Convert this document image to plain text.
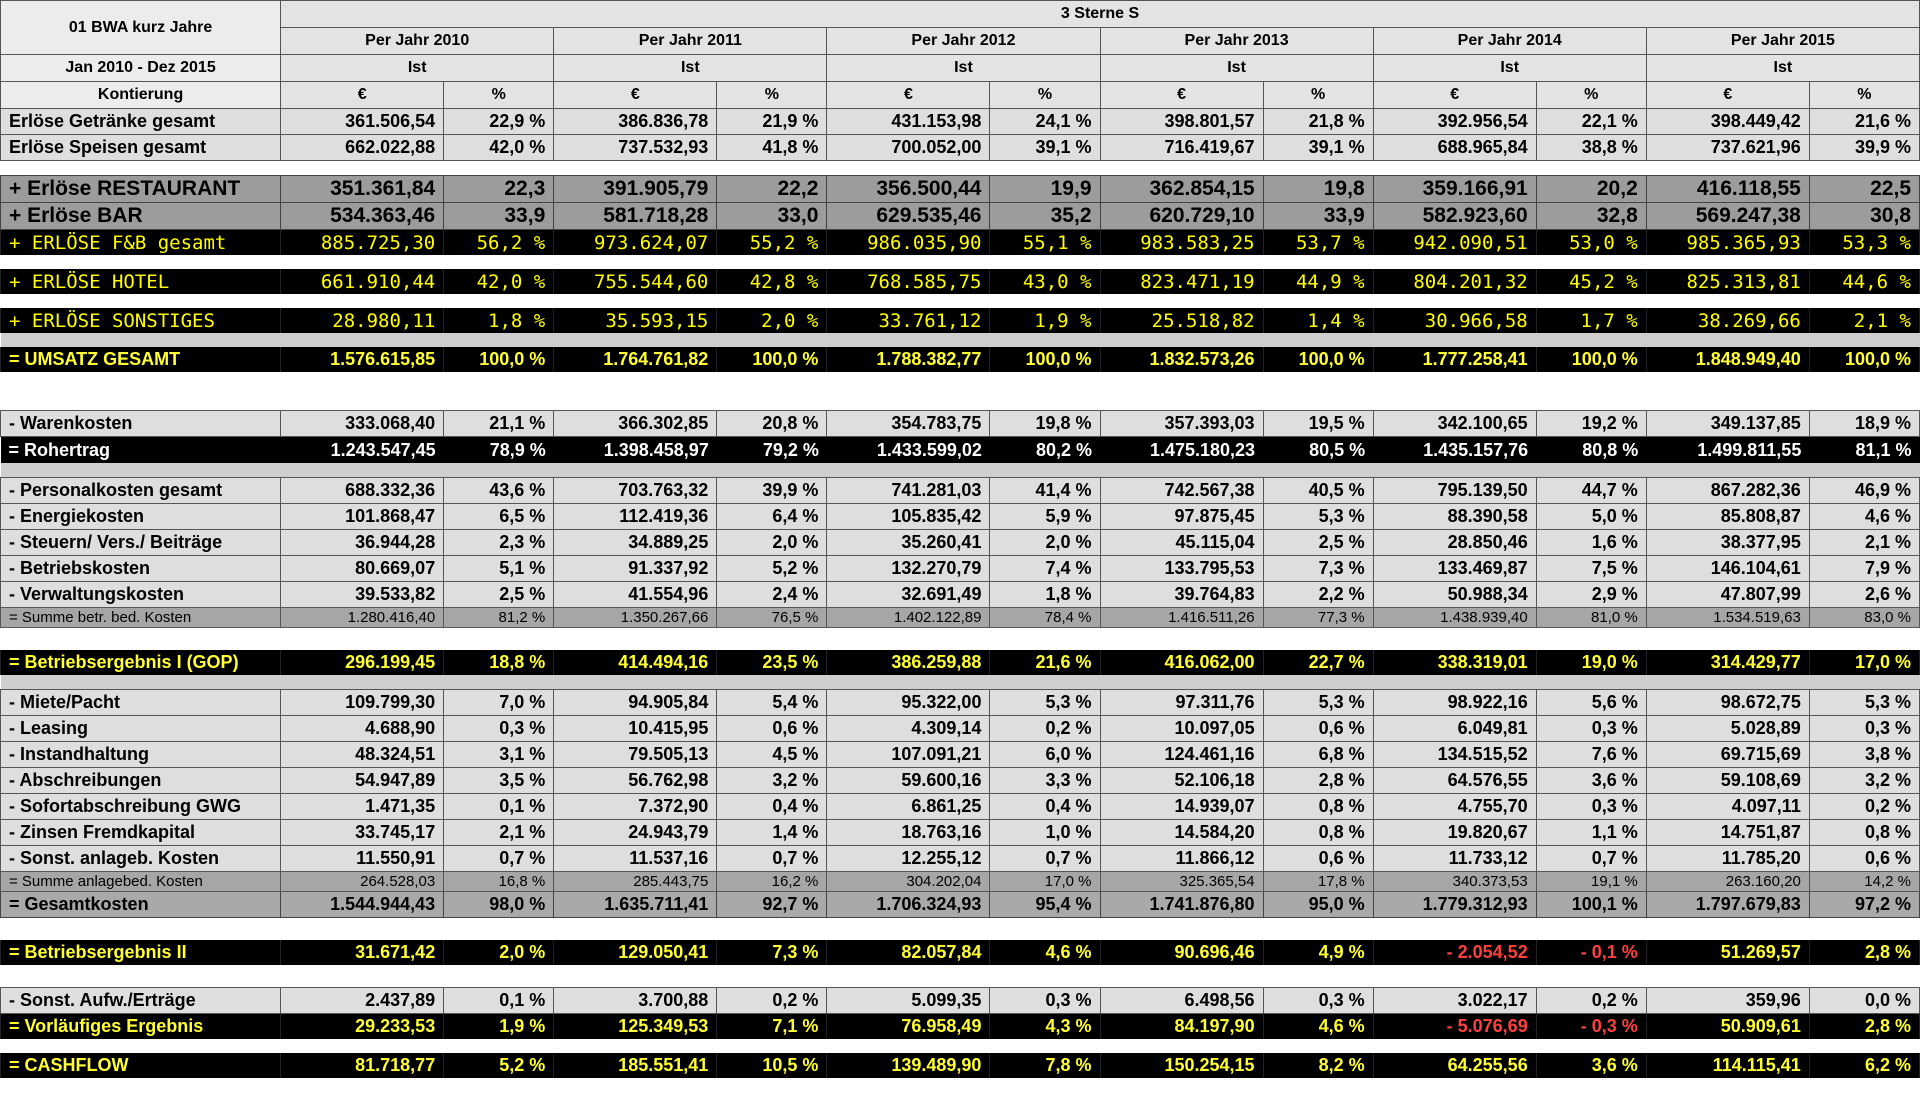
01 BWA kurz Jahre	3 Sterne S											
	Per Jahr 2010		Per Jahr 2011		Per Jahr 2012		Per Jahr 2013		Per Jahr 2014		Per Jahr 2015	
Jan 2010 - Dez 2015	Ist		Ist		Ist		Ist		Ist		Ist	
Kontierung	€	%	€	%	€	%	€	%	€	%	€	%
Erlöse Getränke gesamt	361.506,54	22,9 %	386.836,78	21,9 %	431.153,98	24,1 %	398.801,57	21,8 %	392.956,54	22,1 %	398.449,42	21,6 %
Erlöse Speisen gesamt	662.022,88	42,0 %	737.532,93	41,8 %	700.052,00	39,1 %	716.419,67	39,1 %	688.965,84	38,8 %	737.621,96	39,9 %

+ Erlöse RESTAURANT	351.361,84	22,3	391.905,79	22,2	356.500,44	19,9	362.854,15	19,8	359.166,91	20,2	416.118,55	22,5
+ Erlöse BAR	534.363,46	33,9	581.718,28	33,0	629.535,46	35,2	620.729,10	33,9	582.923,60	32,8	569.247,38	30,8
+ ERLÖSE F&B gesamt	885.725,30	56,2 %	973.624,07	55,2 %	986.035,90	55,1 %	983.583,25	53,7 %	942.090,51	53,0 %	985.365,93	53,3 %

+ ERLÖSE HOTEL	661.910,44	42,0 %	755.544,60	42,8 %	768.585,75	43,0 %	823.471,19	44,9 %	804.201,32	45,2 %	825.313,81	44,6 %

+ ERLÖSE SONSTIGES	28.980,11	1,8 %	35.593,15	2,0 %	33.761,12	1,9 %	25.518,82	1,4 %	30.966,58	1,7 %	38.269,66	2,1 %

= UMSATZ GESAMT	1.576.615,85	100,0 %	1.764.761,82	100,0 %	1.788.382,77	100,0 %	1.832.573,26	100,0 %	1.777.258,41	100,0 %	1.848.949,40	100,0 %

- Warenkosten	333.068,40	21,1 %	366.302,85	20,8 %	354.783,75	19,8 %	357.393,03	19,5 %	342.100,65	19,2 %	349.137,85	18,9 %
= Rohertrag	1.243.547,45	78,9 %	1.398.458,97	79,2 %	1.433.599,02	80,2 %	1.475.180,23	80,5 %	1.435.157,76	80,8 %	1.499.811,55	81,1 %

- Personalkosten gesamt	688.332,36	43,6 %	703.763,32	39,9 %	741.281,03	41,4 %	742.567,38	40,5 %	795.139,50	44,7 %	867.282,36	46,9 %
- Energiekosten	101.868,47	6,5 %	112.419,36	6,4 %	105.835,42	5,9 %	97.875,45	5,3 %	88.390,58	5,0 %	85.808,87	4,6 %
- Steuern/ Vers./ Beiträge	36.944,28	2,3 %	34.889,25	2,0 %	35.260,41	2,0 %	45.115,04	2,5 %	28.850,46	1,6 %	38.377,95	2,1 %
- Betriebskosten	80.669,07	5,1 %	91.337,92	5,2 %	132.270,79	7,4 %	133.795,53	7,3 %	133.469,87	7,5 %	146.104,61	7,9 %
- Verwaltungskosten	39.533,82	2,5 %	41.554,96	2,4 %	32.691,49	1,8 %	39.764,83	2,2 %	50.988,34	2,9 %	47.807,99	2,6 %
= Summe betr. bed. Kosten	1.280.416,40	81,2 %	1.350.267,66	76,5 %	1.402.122,89	78,4 %	1.416.511,26	77,3 %	1.438.939,40	81,0 %	1.534.519,63	83,0 %

= Betriebsergebnis I (GOP)	296.199,45	18,8 %	414.494,16	23,5 %	386.259,88	21,6 %	416.062,00	22,7 %	338.319,01	19,0 %	314.429,77	17,0 %

- Miete/Pacht	109.799,30	7,0 %	94.905,84	5,4 %	95.322,00	5,3 %	97.311,76	5,3 %	98.922,16	5,6 %	98.672,75	5,3 %
- Leasing	4.688,90	0,3 %	10.415,95	0,6 %	4.309,14	0,2 %	10.097,05	0,6 %	6.049,81	0,3 %	5.028,89	0,3 %
- Instandhaltung	48.324,51	3,1 %	79.505,13	4,5 %	107.091,21	6,0 %	124.461,16	6,8 %	134.515,52	7,6 %	69.715,69	3,8 %
- Abschreibungen	54.947,89	3,5 %	56.762,98	3,2 %	59.600,16	3,3 %	52.106,18	2,8 %	64.576,55	3,6 %	59.108,69	3,2 %
- Sofortabschreibung GWG	1.471,35	0,1 %	7.372,90	0,4 %	6.861,25	0,4 %	14.939,07	0,8 %	4.755,70	0,3 %	4.097,11	0,2 %
- Zinsen Fremdkapital	33.745,17	2,1 %	24.943,79	1,4 %	18.763,16	1,0 %	14.584,20	0,8 %	19.820,67	1,1 %	14.751,87	0,8 %
- Sonst. anlageb. Kosten	11.550,91	0,7 %	11.537,16	0,7 %	12.255,12	0,7 %	11.866,12	0,6 %	11.733,12	0,7 %	11.785,20	0,6 %
= Summe anlagebed. Kosten	264.528,03	16,8 %	285.443,75	16,2 %	304.202,04	17,0 %	325.365,54	17,8 %	340.373,53	19,1 %	263.160,20	14,2 %
= Gesamtkosten	1.544.944,43	98,0 %	1.635.711,41	92,7 %	1.706.324,93	95,4 %	1.741.876,80	95,0 %	1.779.312,93	100,1 %	1.797.679,83	97,2 %

= Betriebsergebnis II	31.671,42	2,0 %	129.050,41	7,3 %	82.057,84	4,6 %	90.696,46	4,9 %	- 2.054,52	- 0,1 %	51.269,57	2,8 %

- Sonst. Aufw./Erträge	2.437,89	0,1 %	3.700,88	0,2 %	5.099,35	0,3 %	6.498,56	0,3 %	3.022,17	0,2 %	359,96	0,0 %
= Vorläufiges Ergebnis	29.233,53	1,9 %	125.349,53	7,1 %	76.958,49	4,3 %	84.197,90	4,6 %	- 5.076,69	- 0,3 %	50.909,61	2,8 %

= CASHFLOW	81.718,77	5,2 %	185.551,41	10,5 %	139.489,90	7,8 %	150.254,15	8,2 %	64.255,56	3,6 %	114.115,41	6,2 %
